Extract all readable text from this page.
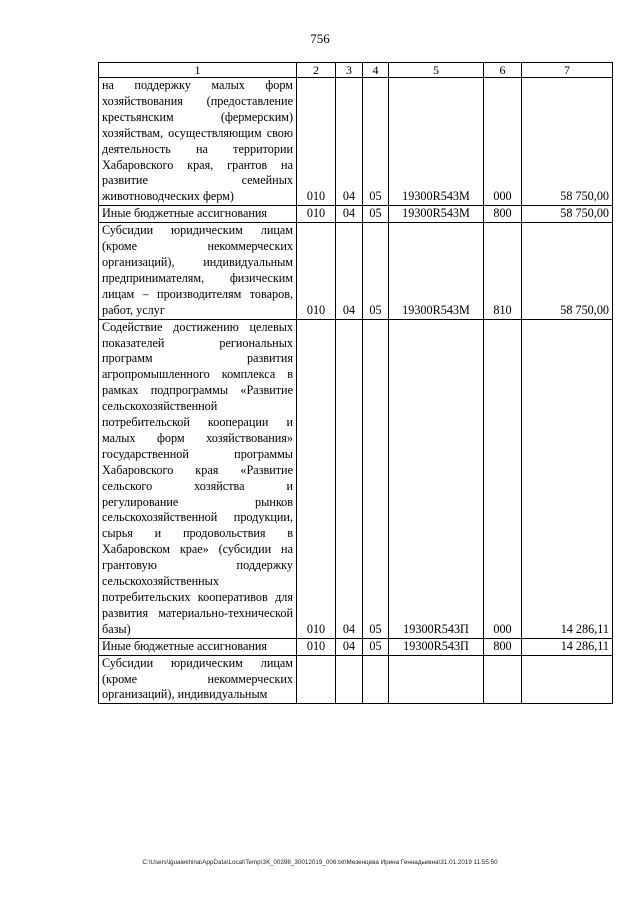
756
1	2	3	4	5	6	7

на поддержку малых форм хозяйствования (предоставление крестьянским (фермерским) хозяйствам, осуществляющим свою деятельность на территории Хабаровского края, грантов на развитие семейных животноводческих ферм)	010	04	05	19300R543М	000	58 750,00

Иные бюджетные ассигнования	010	04	05	19300R543М	800	58 750,00

Субсидии юридическим лицам (кроме некоммерческих организаций), индивидуальным предпринимателям, физическим лицам – производителям товаров, работ, услуг	010	04	05	19300R543М	810	58 750,00

Содействие достижению целевых показателей региональных программ развития агропромышленного комплекса в рамках подпрограммы «Развитие сельскохозяйственной потребительской кооперации и малых форм хозяйствования» государственной программы Хабаровского края «Развитие сельского хозяйства и регулирование рынков сельскохозяйственной продукции, сырья и продовольствия в Хабаровском крае» (субсидии на грантовую поддержку сельскохозяйственных потребительских кооперативов для развития материально-технической базы)	010	04	05	19300R543П	000	14 286,11

Иные бюджетные ассигнования	010	04	05	19300R543П	800	14 286,11

Субсидии юридическим лицам (кроме некоммерческих организаций), индивидуальным						

C:\Users\igualekhina\AppData\Local\Temp\ЗК_00398_30012019_006.txt\Мезенцева Ирина Геннадьевна\31.01.2019 11:55:50
